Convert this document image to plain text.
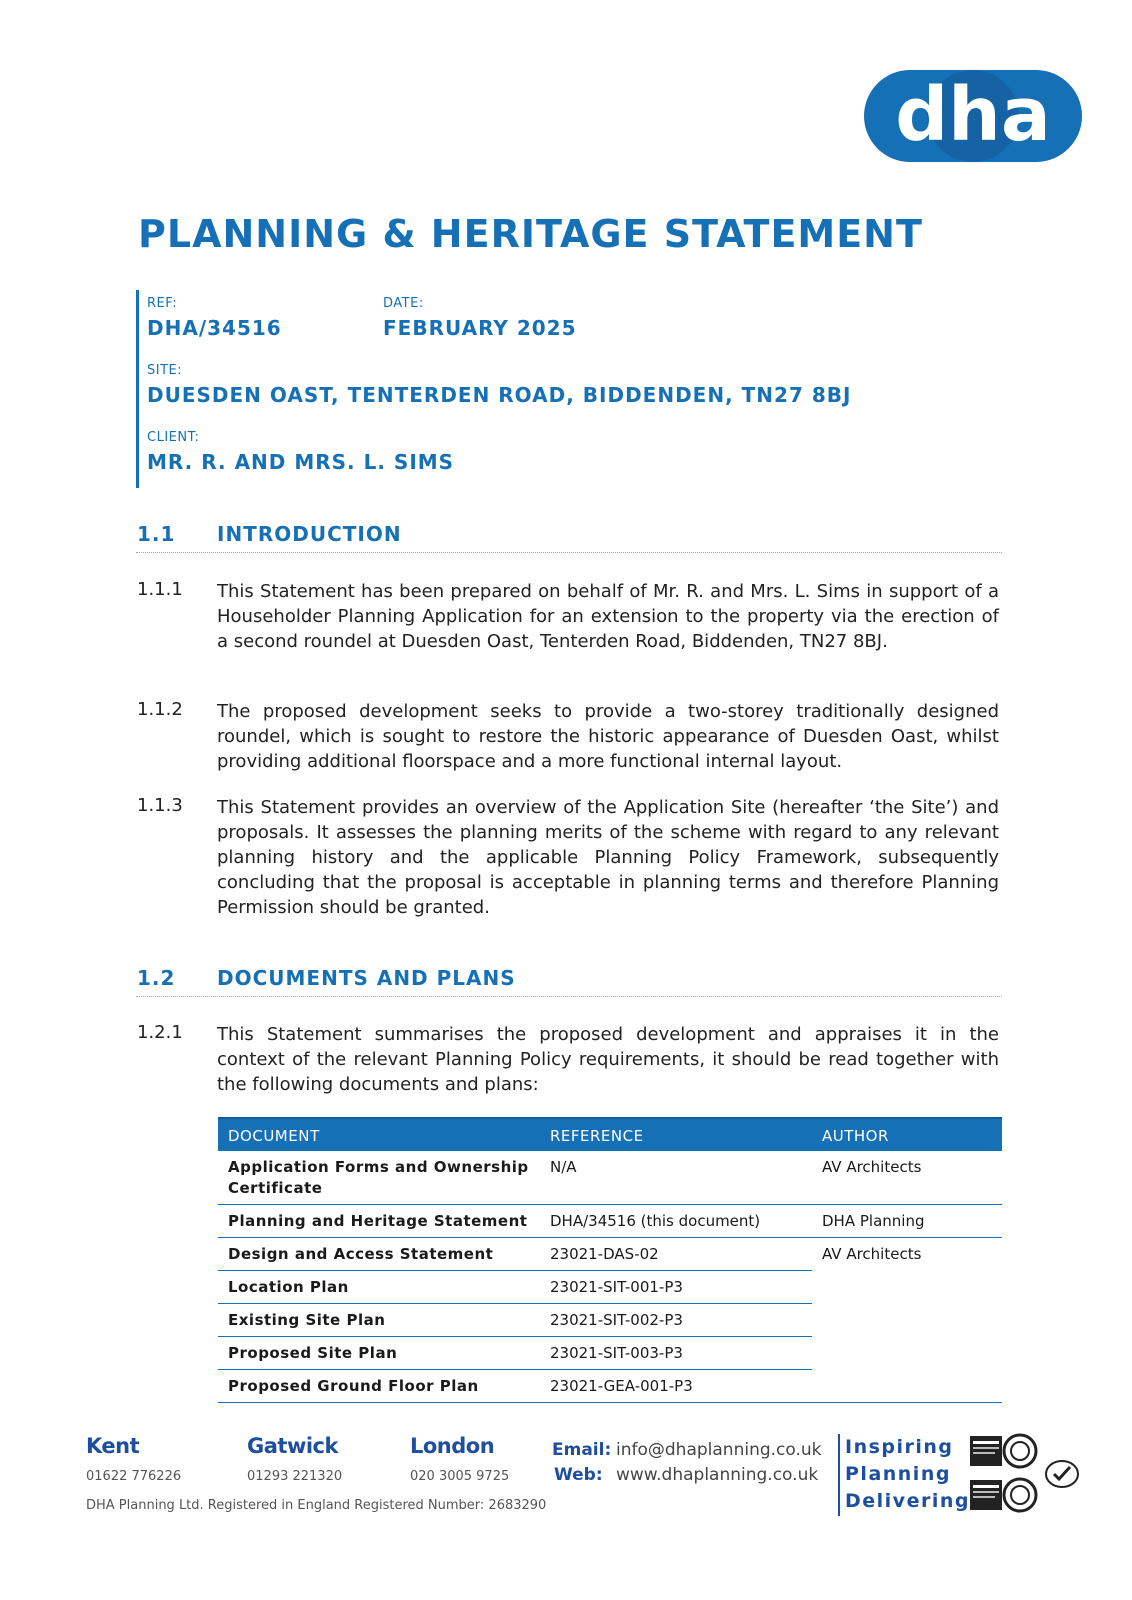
dha
PLANNING & HERITAGE STATEMENT
REF:
DHA/34516
DATE:
FEBRUARY 2025
SITE:
DUESDEN OAST, TENTERDEN ROAD, BIDDENDEN, TN27 8BJ
CLIENT:
MR. R. AND MRS. L. SIMS
1.1 INTRODUCTION
1.1.1 This Statement has been prepared on behalf of Mr. R. and Mrs. L. Sims in support of a Householder Planning Application for an extension to the property via the erection of a second roundel at Duesden Oast, Tenterden Road, Biddenden, TN27 8BJ.
1.1.2 The proposed development seeks to provide a two-storey traditionally designed roundel, which is sought to restore the historic appearance of Duesden Oast, whilst providing additional floorspace and a more functional internal layout.
1.1.3 This Statement provides an overview of the Application Site (hereafter ‘the Site’) and proposals. It assesses the planning merits of the scheme with regard to any relevant planning history and the applicable Planning Policy Framework, subsequently concluding that the proposal is acceptable in planning terms and therefore Planning Permission should be granted.
1.2 DOCUMENTS AND PLANS
1.2.1 This Statement summarises the proposed development and appraises it in the context of the relevant Planning Policy requirements, it should be read together with the following documents and plans:
DOCUMENT	REFERENCE	AUTHOR
Application Forms and Ownership Certificate	N/A	AV Architects
Planning and Heritage Statement	DHA/34516 (this document)	DHA Planning
Design and Access Statement	23021-DAS-02	AV Architects
Location Plan	23021-SIT-001-P3	
Existing Site Plan	23021-SIT-002-P3	
Proposed Site Plan	23021-SIT-003-P3	
Proposed Ground Floor Plan	23021-GEA-001-P3	
Kent
01622 776226
Gatwick
01293 221320
London
020 3005 9725
DHA Planning Ltd. Registered in England Registered Number: 2683290
Email: info@dhaplanning.co.uk
Web: www.dhaplanning.co.uk
Inspiring
Planning
Delivering
